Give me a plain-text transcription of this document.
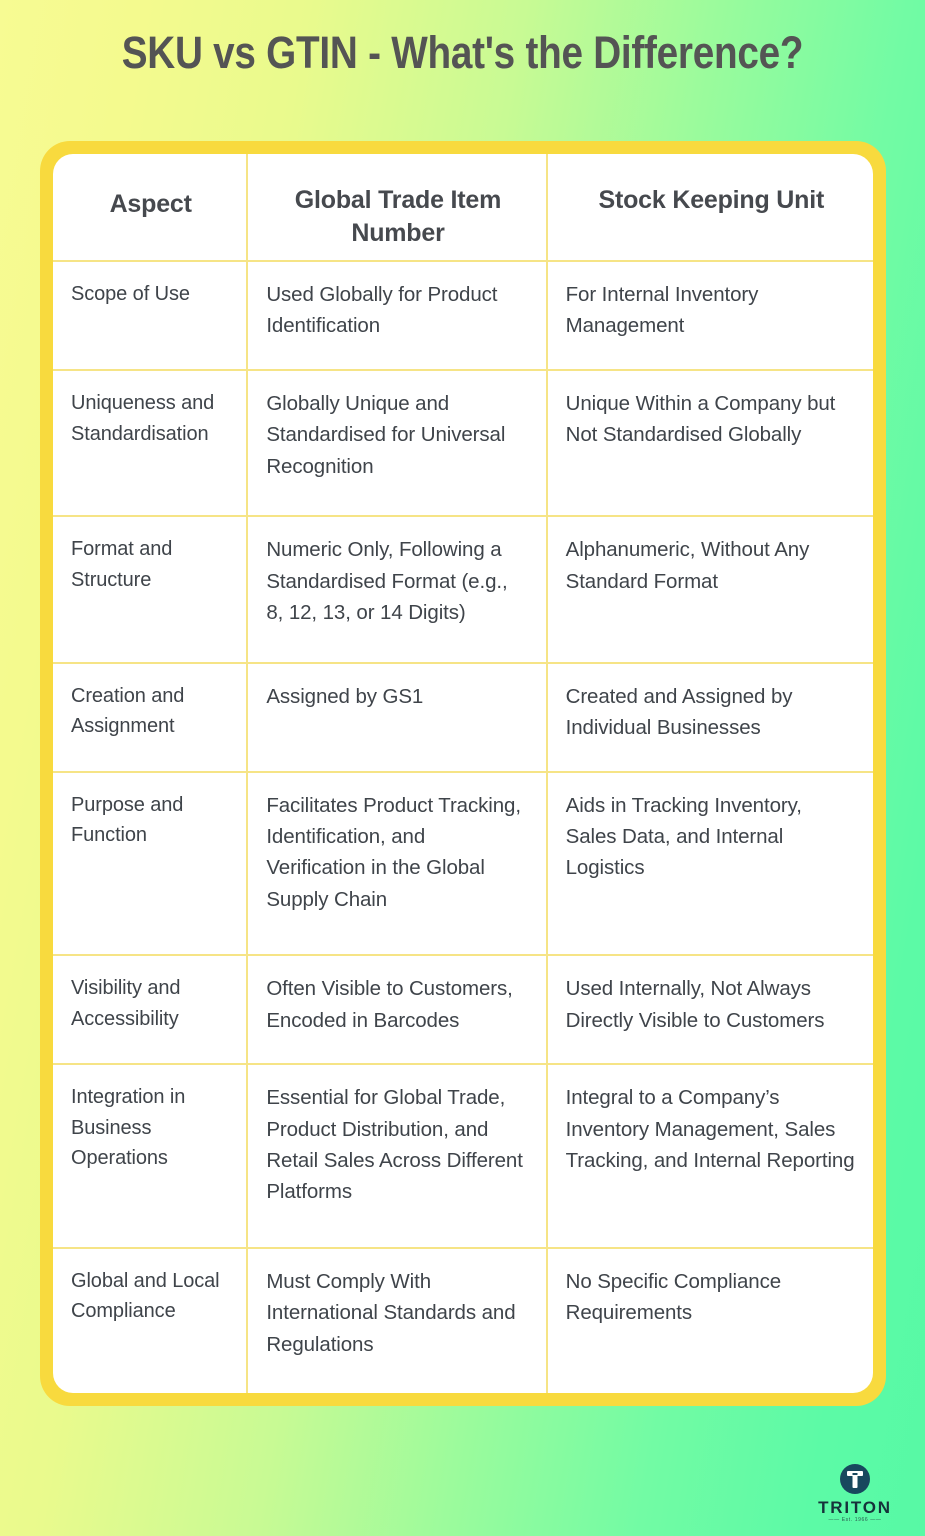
SKU vs GTIN - What's the Difference?
Aspect	Global Trade Item Number	Stock Keeping Unit
Scope of Use	Used Globally for Product Identification	For Internal Inventory Management
Uniqueness and Standardisation	Globally Unique and Standardised for Universal Recognition	Unique Within a Company but Not Standardised Globally
Format and Structure	Numeric Only, Following a Standardised Format (e.g., 8, 12, 13, or 14 Digits)	Alphanumeric, Without Any Standard Format
Creation and Assignment	Assigned by GS1	Created and Assigned by Individual Businesses
Purpose and Function	Facilitates Product Tracking, Identification, and Verification in the Global Supply Chain	Aids in Tracking Inventory, Sales Data, and Internal Logistics
Visibility and Accessibility	Often Visible to Customers, Encoded in Barcodes	Used Internally, Not Always Directly Visible to Customers
Integration in Business Operations	Essential for Global Trade, Product Distribution, and Retail Sales Across Different Platforms	Integral to a Company’s Inventory Management, Sales Tracking, and Internal Reporting
Global and Local Compliance	Must Comply With International Standards and Regulations	No Specific Compliance Requirements
TRITON
—— Est. 1966 ——
